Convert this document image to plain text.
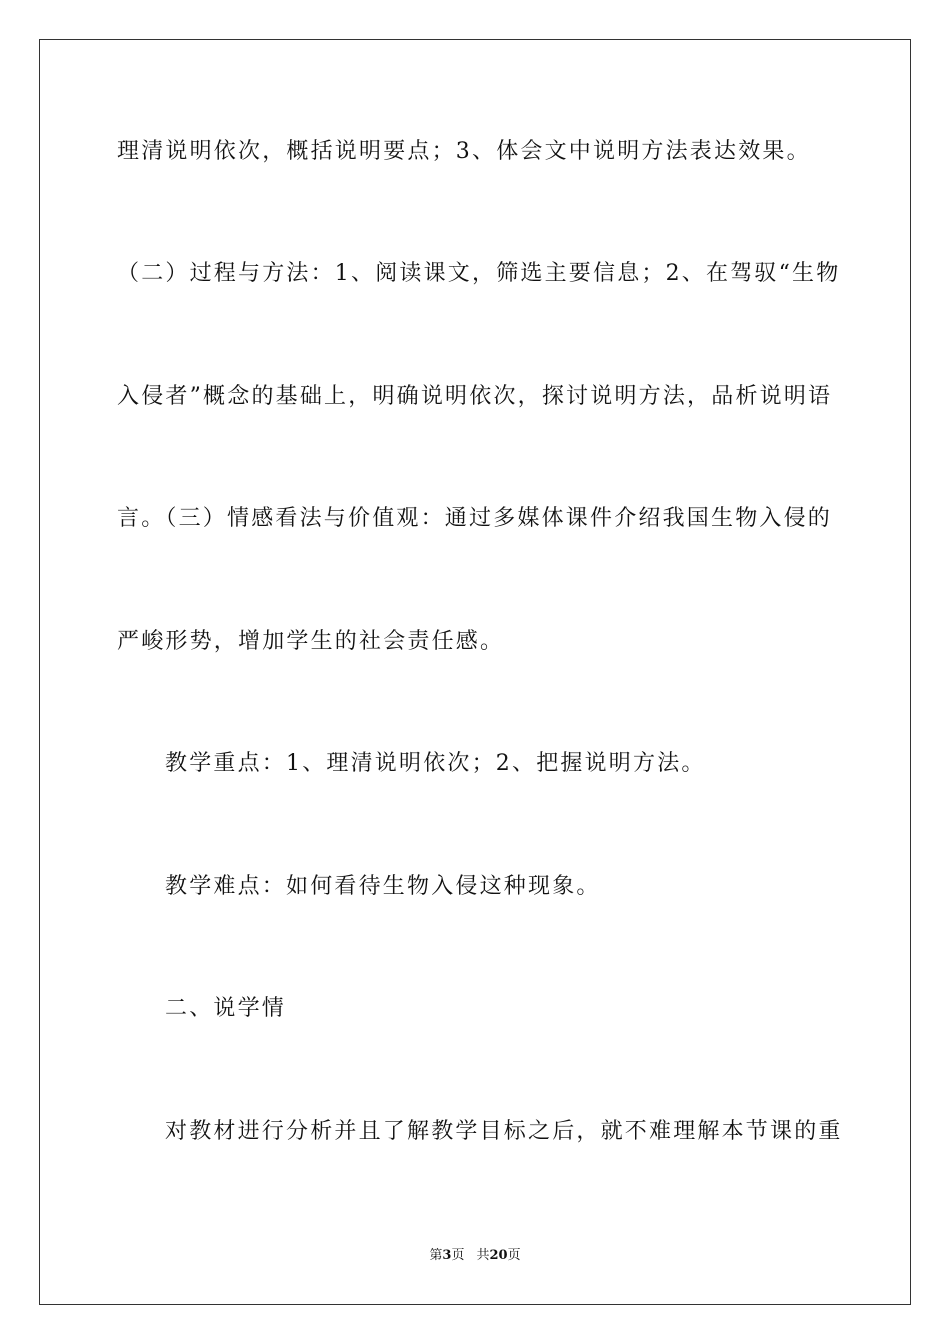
理清说明依次，概括说明要点；3、体会文中说明方法表达效果。
（二）过程与方法：1、阅读课文，筛选主要信息；2、在驾驭“生物
入侵者”概念的基础上，明确说明依次，探讨说明方法，品析说明语
言。（三）情感看法与价值观：通过多媒体课件介绍我国生物入侵的
严峻形势，增加学生的社会责任感。
教学重点：1、理清说明依次；2、把握说明方法。
教学难点：如何看待生物入侵这种现象。
二、说学情
对教材进行分析并且了解教学目标之后，就不难理解本节课的重
第3页 共20页
